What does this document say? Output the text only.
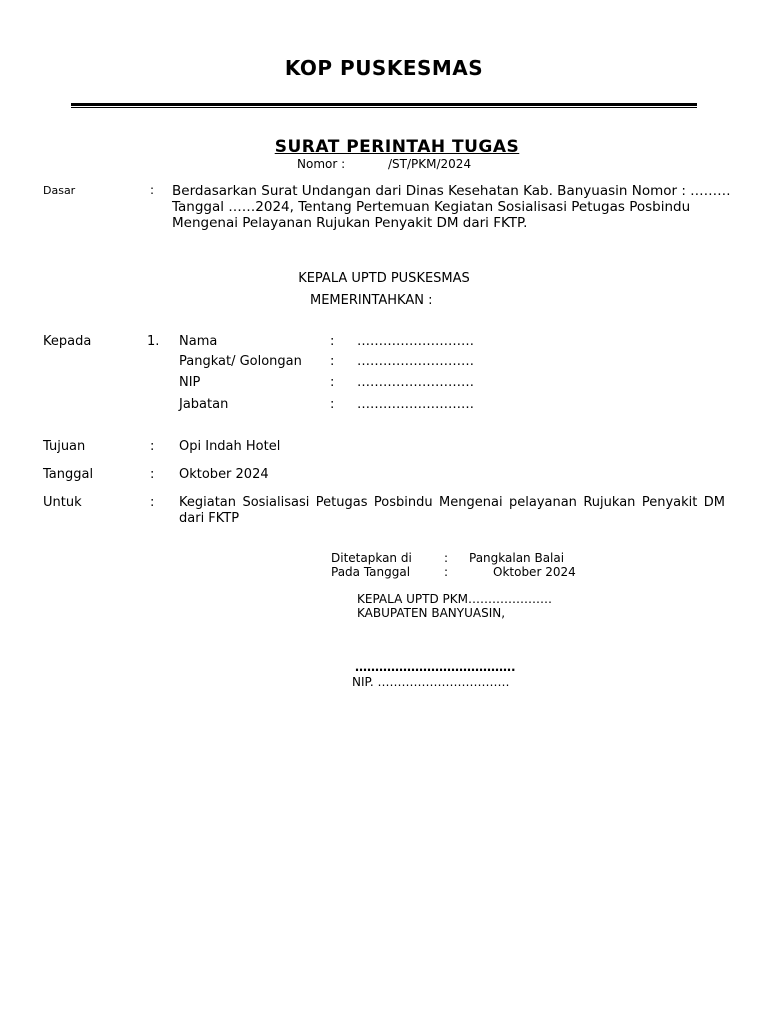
KOP PUSKESMAS
SURAT PERINTAH TUGAS
Nomor :	/ST/PKM/2024
Dasar	: Berdasarkan Surat Undangan dari Dinas Kesehatan Kab. Banyuasin Nomor : ……… Tanggal ……2024, Tentang Pertemuan Kegiatan Sosialisasi Petugas Posbindu Mengenai Pelayanan Rujukan Penyakit DM dari FKTP.
KEPALA UPTD PUSKESMAS
MEMERINTAHKAN :
Kepada	1. Nama	: ………………………
Pangkat/ Golongan : ………………………
NIP	: ………………………
Jabatan	: ………………………
Tujuan	: Opi Indah Hotel
Tanggal	: Oktober 2024
Untuk	: Kegiatan Sosialisasi Petugas Posbindu Mengenai pelayanan Rujukan Penyakit DM dari FKTP
Ditetapkan di	: Pangkalan Balai
Pada Tanggal	:	Oktober 2024
KEPALA UPTD PKM…………………
KABUPATEN BANYUASIN,
………………………………….
NIP. ……………………………
